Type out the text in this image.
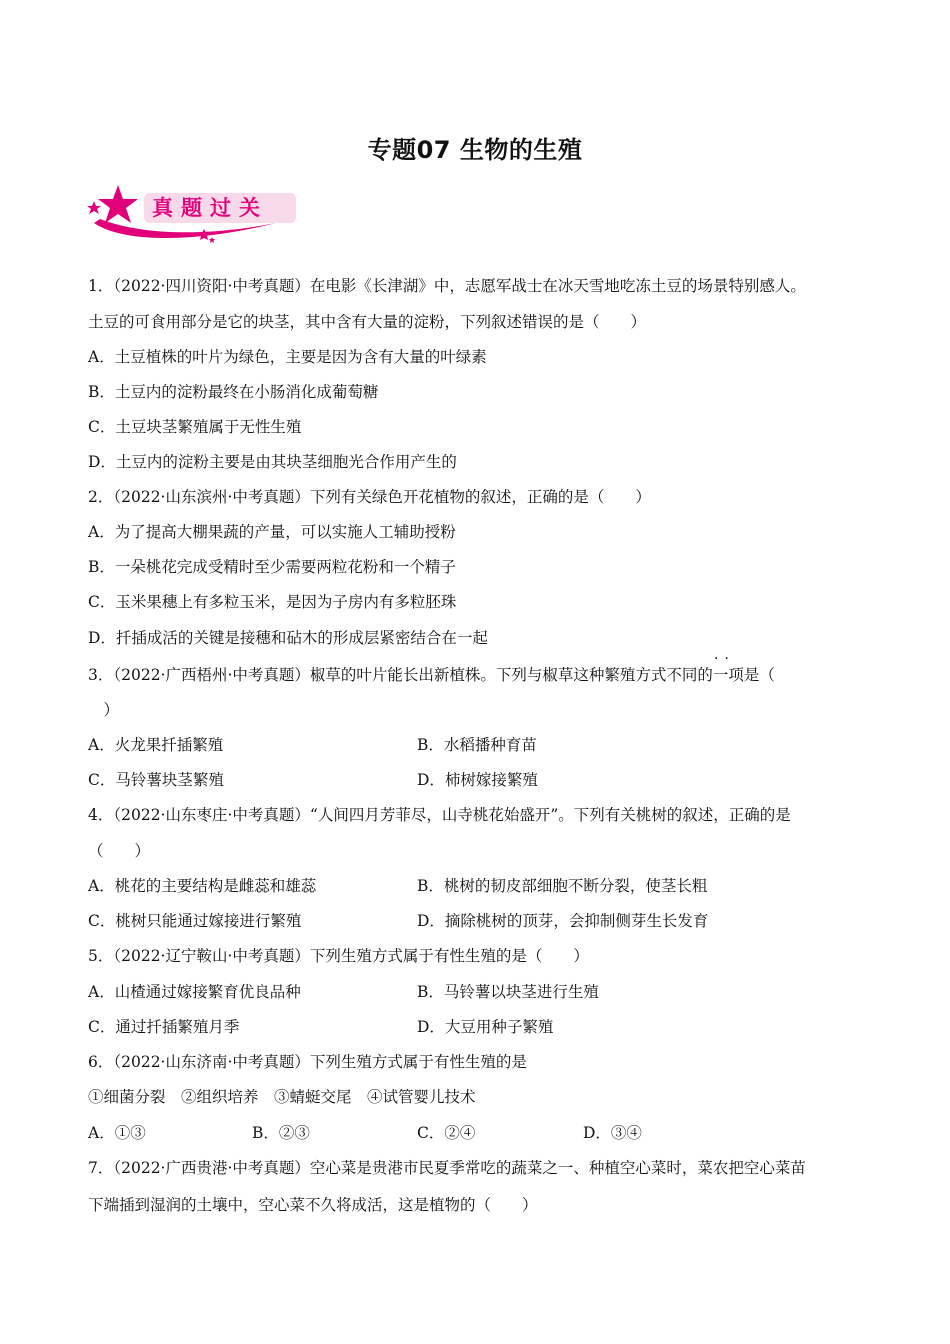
专题07 生物的生殖
真题过关
1．（2022·四川资阳·中考真题）在电影《长津湖》中，志愿军战士在冰天雪地吃冻土豆的场景特别感人。
土豆的可食用部分是它的块茎，其中含有大量的淀粉，下列叙述错误的是（　　）
A．土豆植株的叶片为绿色，主要是因为含有大量的叶绿素
B．土豆内的淀粉最终在小肠消化成葡萄糖
C．土豆块茎繁殖属于无性生殖
D．土豆内的淀粉主要是由其块茎细胞光合作用产生的
2．（2022·山东滨州·中考真题）下列有关绿色开花植物的叙述，正确的是（　　）
A．为了提高大棚果蔬的产量，可以实施人工辅助授粉
B．一朵桃花完成受精时至少需要两粒花粉和一个精子
C．玉米果穗上有多粒玉米，是因为子房内有多粒胚珠
D．扦插成活的关键是接穗和砧木的形成层紧密结合在一起
··
3．（2022·广西梧州·中考真题）椒草的叶片能长出新植株。下列与椒草这种繁殖方式不同的一项是（
　）
A．火龙果扦插繁殖	B．水稻播种育苗
C．马铃薯块茎繁殖	D．柿树嫁接繁殖
4．（2022·山东枣庄·中考真题）“人间四月芳菲尽，山寺桃花始盛开”。下列有关桃树的叙述，正确的是
（　　）
A．桃花的主要结构是雌蕊和雄蕊	B．桃树的韧皮部细胞不断分裂，使茎长粗
C．桃树只能通过嫁接进行繁殖	D．摘除桃树的顶芽，会抑制侧芽生长发育
5．（2022·辽宁鞍山·中考真题）下列生殖方式属于有性生殖的是（　　）
A．山楂通过嫁接繁育优良品种	B．马铃薯以块茎进行生殖
C．通过扦插繁殖月季	D．大豆用种子繁殖
6．（2022·山东济南·中考真题）下列生殖方式属于有性生殖的是
①细菌分裂　②组织培养　③蜻蜓交尾　④试管婴儿技术
A．①③	B．②③	C．②④	D．③④
7．（2022·广西贵港·中考真题）空心菜是贵港市民夏季常吃的蔬菜之一、种植空心菜时，菜农把空心菜苗
下端插到湿润的土壤中，空心菜不久将成活，这是植物的（　　）
